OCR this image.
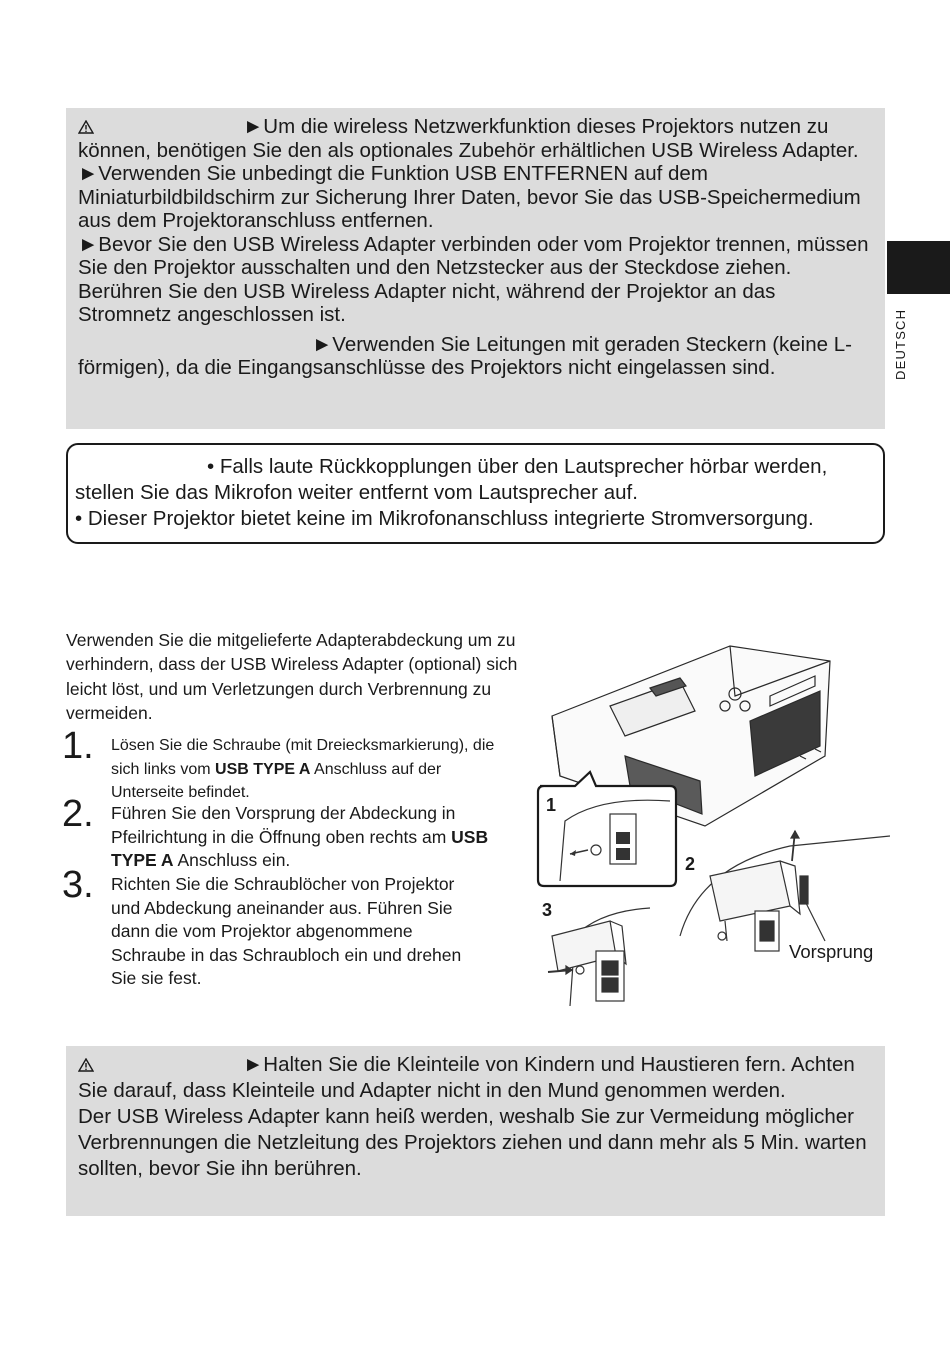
►Um die wireless Netzwerkfunktion dieses Projektors nutzen zu können, benötigen Sie den als optionales Zubehör erhältlichen USB Wireless Adapter.

►Verwenden Sie unbedingt die Funktion USB ENTFERNEN auf dem Miniaturbildbildschirm zur Sicherung Ihrer Daten, bevor Sie das USB-Speichermedium aus dem Projektoranschluss entfernen.

►Bevor Sie den USB Wireless Adapter verbinden oder vom Projektor trennen, müssen Sie den Projektor ausschalten und den Netzstecker aus der Steckdose ziehen. Berühren Sie den USB Wireless Adapter nicht, während der Projektor an das Stromnetz angeschlossen ist.

►Verwenden Sie Leitungen mit geraden Steckern (keine L-förmigen), da die Eingangsanschlüsse des Projektors nicht eingelassen sind.	DEUTSCH

• Falls laute Rückkopplungen über den Lautsprecher hörbar werden, stellen Sie das Mikrofon weiter entfernt vom Lautsprecher auf.

• Dieser Projektor bietet keine im Mikrofonanschluss integrierte Stromversorgung.

Verwenden Sie die mitgelieferte Adapterabdeckung um zu verhindern, dass der USB Wireless Adapter (optional) sich leicht löst, und um Verletzungen durch Verbrennung zu vermeiden.

1. Lösen Sie die Schraube (mit Dreiecksmarkierung), die sich links vom USB TYPE A Anschluss auf der Unterseite befindet.
2. Führen Sie den Vorsprung der Abdeckung in Pfeilrichtung in die Öffnung oben rechts am USB TYPE A Anschluss ein.
3. Richten Sie die Schraublöcher von Projektor und Abdeckung aneinander aus. Führen Sie dann die vom Projektor abgenommene Schraube in das Schraubloch ein und drehen Sie sie fest.
1
2
3
Vorsprung

►Halten Sie die Kleinteile von Kindern und Haustieren fern. Achten Sie darauf, dass Kleinteile und Adapter nicht in den Mund genommen werden.

Der USB Wireless Adapter kann heiß werden, weshalb Sie zur Vermeidung möglicher Verbrennungen die Netzleitung des Projektors ziehen und dann mehr als 5 Min. warten sollten, bevor Sie ihn berühren.
